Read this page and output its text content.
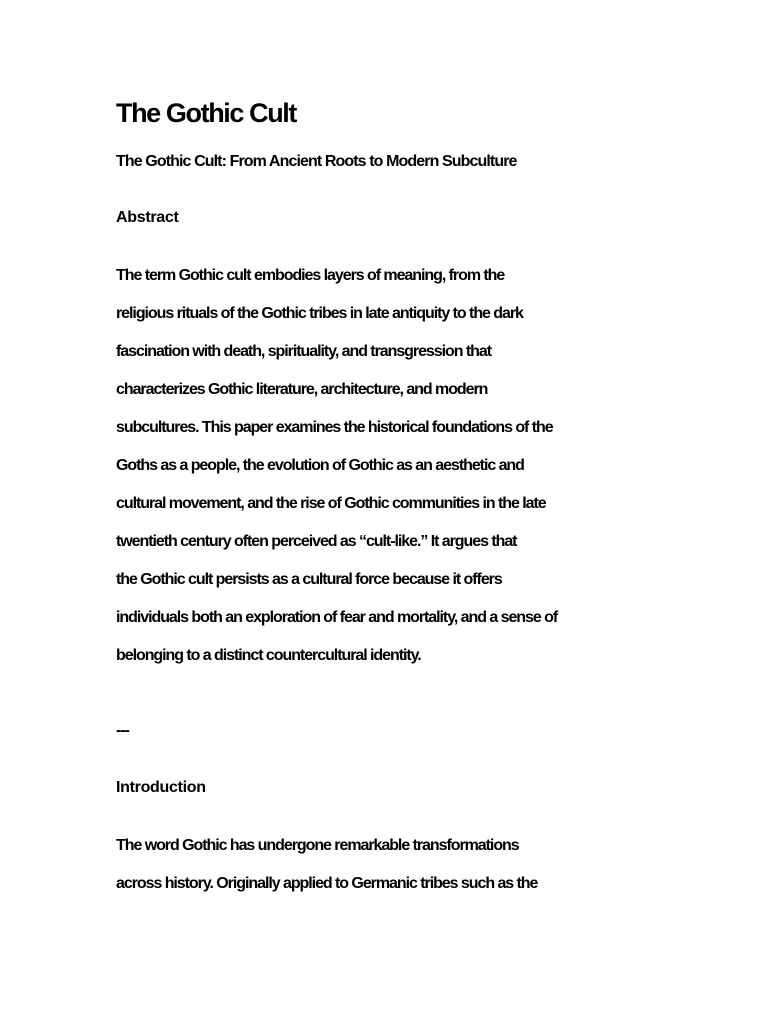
The Gothic Cult
The Gothic Cult: From Ancient Roots to Modern Subculture
Abstract
The term Gothic cult embodies layers of meaning, from the
religious rituals of the Gothic tribes in late antiquity to the dark
fascination with death, spirituality, and transgression that
characterizes Gothic literature, architecture, and modern
subcultures. This paper examines the historical foundations of the
Goths as a people, the evolution of Gothic as an aesthetic and
cultural movement, and the rise of Gothic communities in the late
twentieth century often perceived as “cult-like.” It argues that
the Gothic cult persists as a cultural force because it offers
individuals both an exploration of fear and mortality, and a sense of
belonging to a distinct countercultural identity.

---

Introduction
The word Gothic has undergone remarkable transformations
across history. Originally applied to Germanic tribes such as the
